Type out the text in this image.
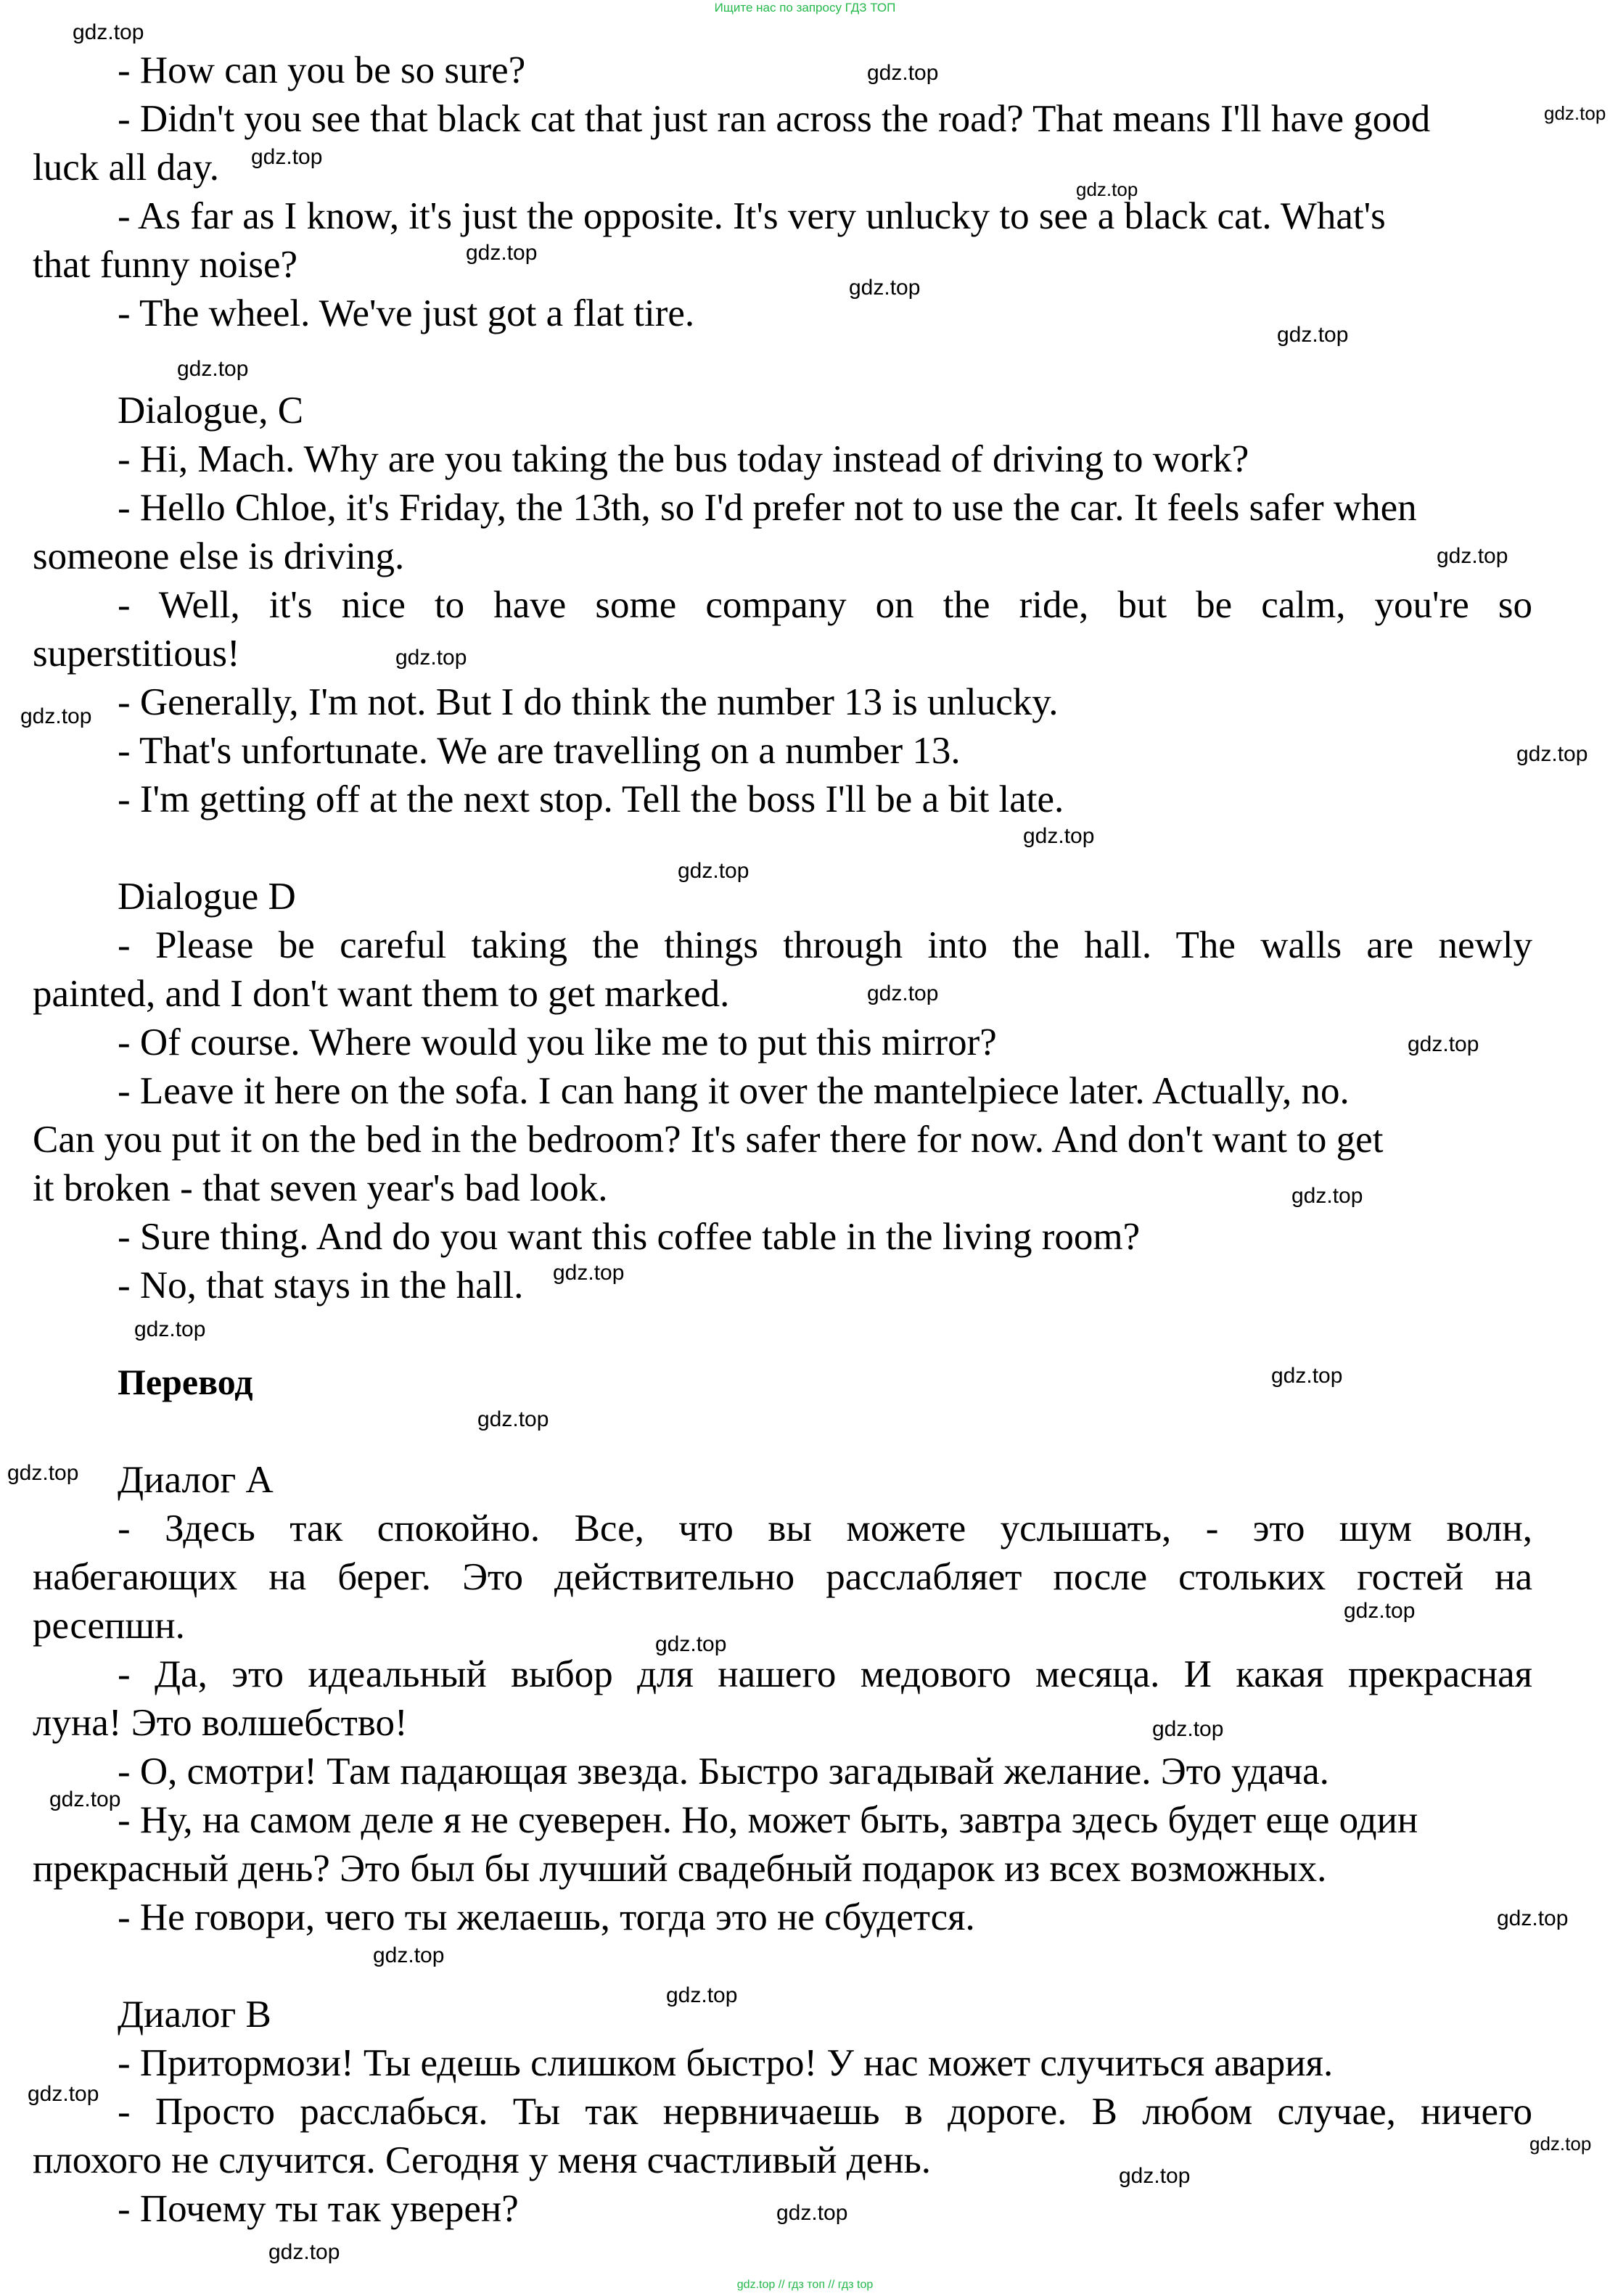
Ищите нас по запросу ГДЗ ТОП
- How can you be so sure?
- Didn't you see that black cat that just ran across the road? That means I'll have good
luck all day.
- As far as I know, it's just the opposite. It's very unlucky to see a black cat. What's
that funny noise?
- The wheel. We've just got a flat tire.
Dialogue, C
- Hi, Mach. Why are you taking the bus today instead of driving to work?
- Hello Chloe, it's Friday, the 13th, so I'd prefer not to use the car. It feels safer when
someone else is driving.
- Well, it's nice to have some company on the ride, but be calm, you're so
superstitious!
- Generally, I'm not. But I do think the number 13 is unlucky.
- That's unfortunate. We are travelling on a number 13.
- I'm getting off at the next stop. Tell the boss I'll be a bit late.
Dialogue D
- Please be careful taking the things through into the hall. The walls are newly
painted, and I don't want them to get marked.
- Of course. Where would you like me to put this mirror?
- Leave it here on the sofa. I can hang it over the mantelpiece later. Actually, no.
Can you put it on the bed in the bedroom? It's safer there for now. And don't want to get
it broken - that seven year's bad look.
- Sure thing. And do you want this coffee table in the living room?
- No, that stays in the hall.
Перевод
Диалог А
- Здесь так спокойно. Все, что вы можете услышать, - это шум волн,
набегающих на берег. Это действительно расслабляет после стольких гостей на
ресепшн.
- Да, это идеальный выбор для нашего медового месяца. И какая прекрасная
луна! Это волшебство!
- О, смотри! Там падающая звезда. Быстро загадывай желание. Это удача.
- Ну, на самом деле я не суеверен. Но, может быть, завтра здесь будет еще один
прекрасный день? Это был бы лучший свадебный подарок из всех возможных.
- Не говори, чего ты желаешь, тогда это не сбудется.
Диалог В
- Притормози! Ты едешь слишком быстро! У нас может случиться авария.
- Просто расслабься. Ты так нервничаешь в дороге. В любом случае, ничего
плохого не случится. Сегодня у меня счастливый день.
- Почему ты так уверен?
gdz.top
gdz.top
gdz.top
gdz.top
gdz.top
gdz.top
gdz.top
gdz.top
gdz.top
gdz.top
gdz.top
gdz.top
gdz.top
gdz.top
gdz.top
gdz.top
gdz.top
gdz.top
gdz.top
gdz.top
gdz.top
gdz.top
gdz.top
gdz.top
gdz.top
gdz.top
gdz.top
gdz.top
gdz.top
gdz.top
gdz.top
gdz.top
gdz.top
gdz.top
gdz.top
gdz.top // гдз топ // гдз top
